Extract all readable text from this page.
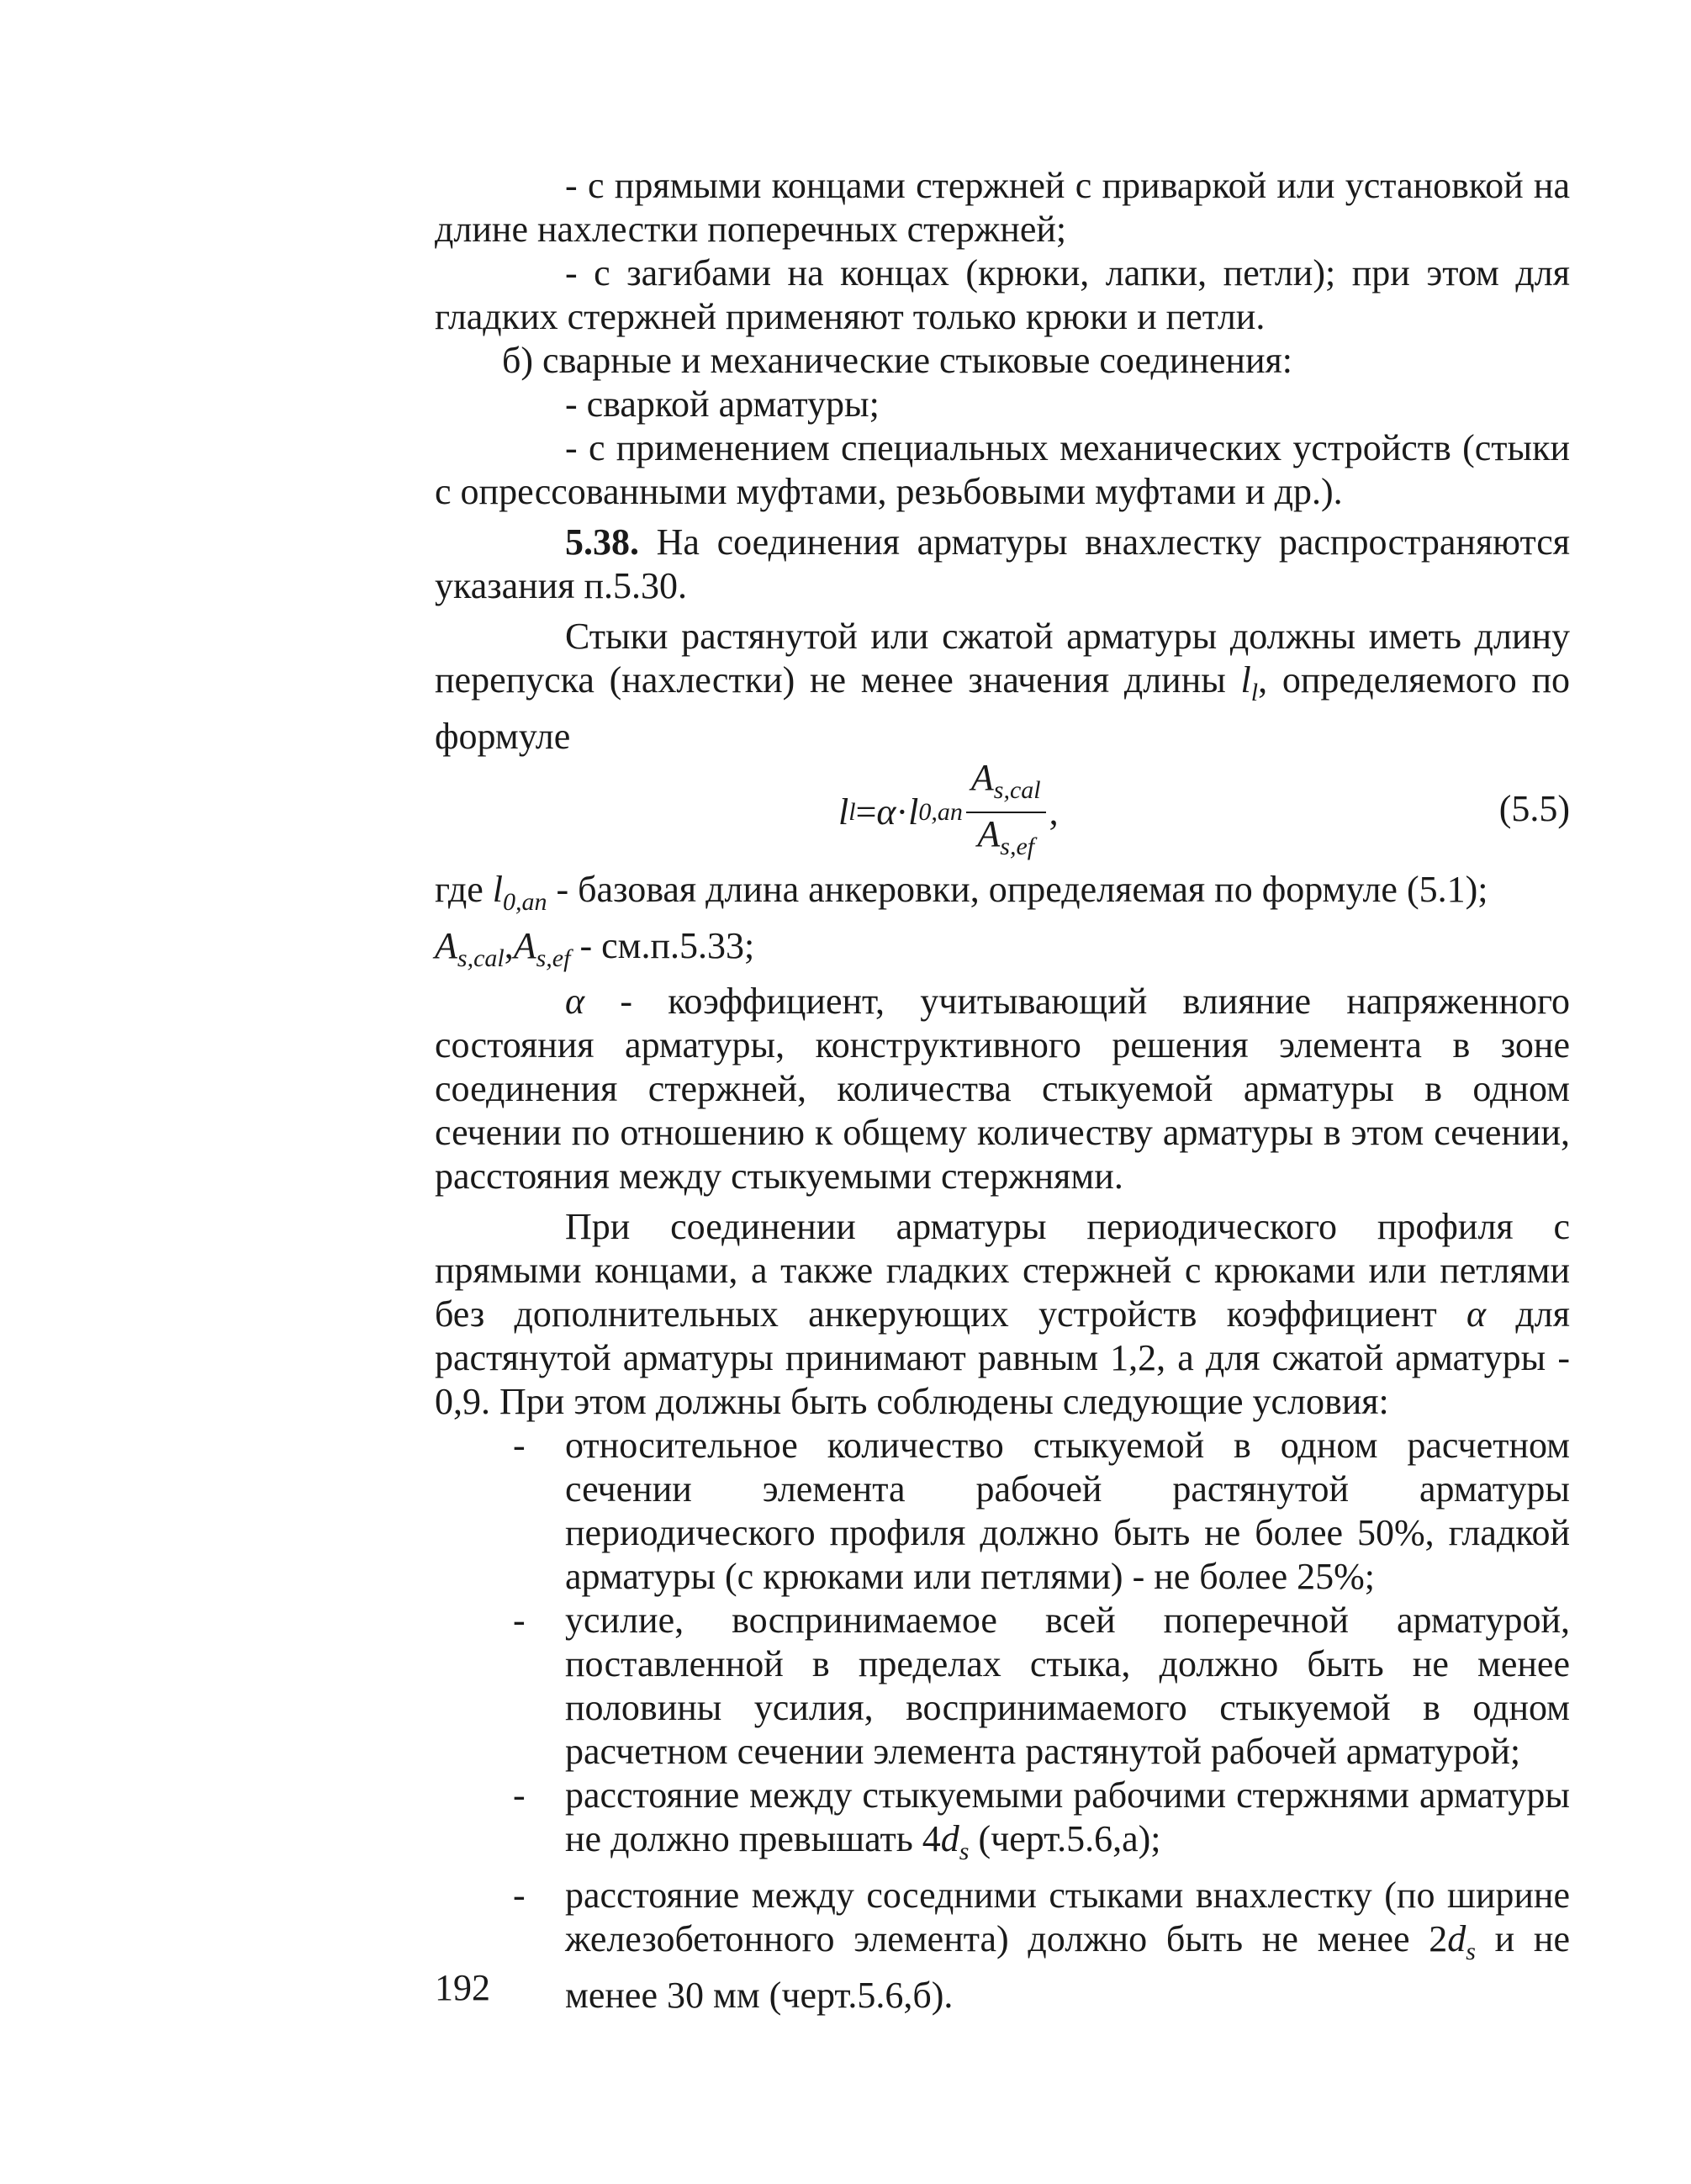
- с прямыми концами стержней с приваркой или установкой на длине нахлестки поперечных стержней;

- с загибами на концах (крюки, лапки, петли); при этом для гладких стержней применяют только крюки и петли.

б) сварные и механические стыковые соединения:

- сваркой арматуры;

- с применением специальных механических устройств (стыки с опрессованными муфтами, резьбовыми муфтами и др.).

5.38. На соединения арматуры внахлестку распространяются указания п.5.30.

Стыки растянутой или сжатой арматуры должны иметь длину перепуска (нахлестки) не менее значения длины $l_l$, определяемого по формуле

l l = α · l $0,an \frac{A_{s,cal}}{A_{s,ef}}$ ,	(5.5)

где $l_{0,an}$ - базовая длина анкеровки, определяемая по формуле (5.1);

$A_{s,cal},A_{s,ef} - см.п.5.33$;

α - коэффициент, учитывающий влияние напряженного состояния арматуры, конструктивного решения элемента в зоне соединения стержней, количества стыкуемой арматуры в одном сечении по отношению к общему количеству арматуры в этом сечении, расстояния между стыкуемыми стержнями.

При соединении арматуры периодического профиля с прямыми концами, а также гладких стержней с крюками или петлями без дополнительных анкерующих устройств коэффициент α для растянутой арматуры принимают равным 1,2, а для сжатой арматуры - 0,9. При этом должны быть соблюдены следующие условия:

- относительное количество стыкуемой в одном расчетном сечении элемента рабочей растянутой арматуры периодического профиля должно быть не более 50%, гладкой арматуры (с крюками или петлями) - не более 25%;
- усилие, воспринимаемое всей поперечной арматурой, поставленной в пределах стыка, должно быть не менее половины усилия, воспринимаемого стыкуемой в одном расчетном сечении элемента растянутой рабочей арматурой;
- расстояние между стыкуемыми рабочими стержнями арматуры не должно превышать $4d_s$ (черт.5.6,а);
- расстояние между соседними стыками внахлестку (по ширине железобетонного элемента) должно быть не менее $2d_s$ и не менее 30 мм (черт.5.6,б).
192
